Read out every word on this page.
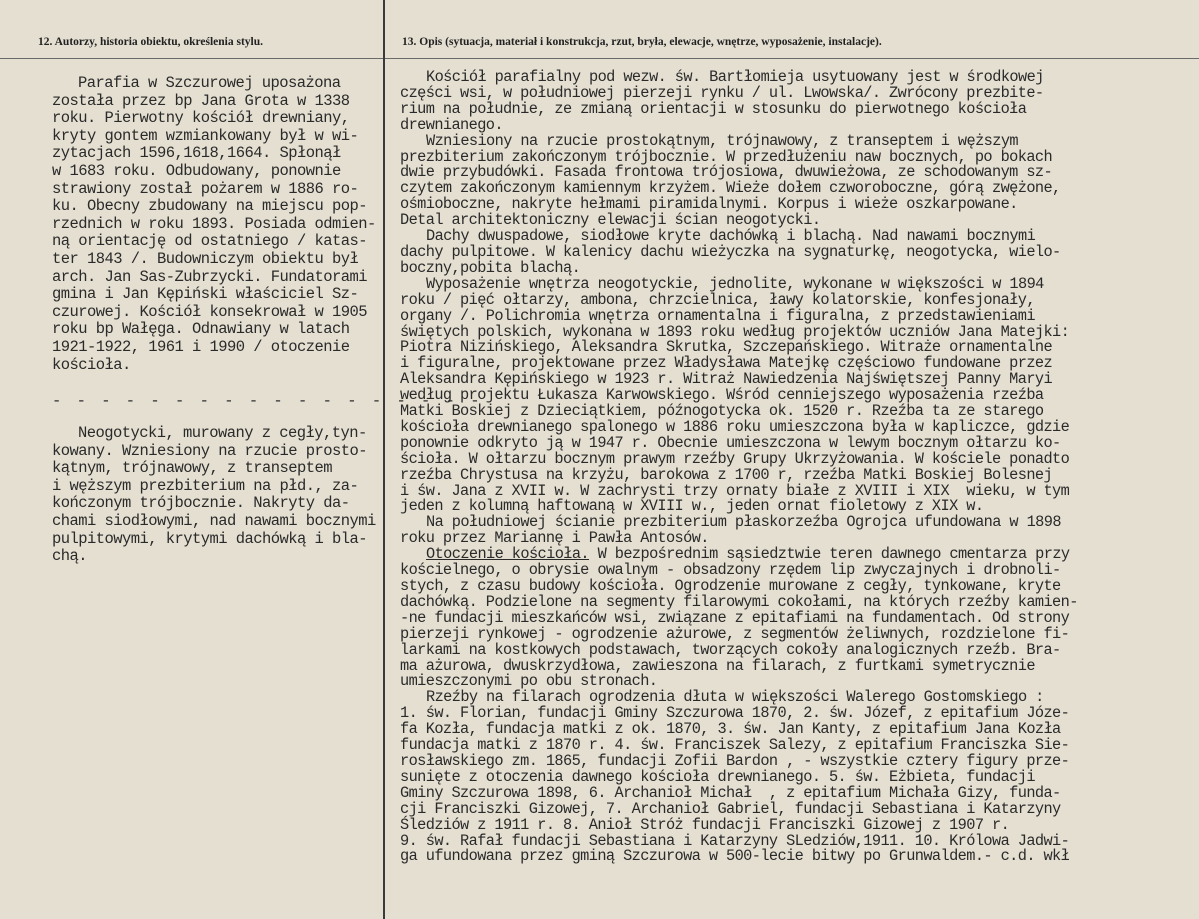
12. Autorzy, historia obiektu, określenia stylu.	13. Opis (sytuacja, materiał i konstrukcja, rzut, bryła, elewacje, wnętrze, wyposażenie, instalacje).
Parafia w Szczurowej uposażona
została przez bp Jana Grota w 1338
roku. Pierwotny kościół drewniany,
kryty gontem wzmiankowany był w wi-
zytacjach 1596,1618,1664. Spłonął
w 1683 roku. Odbudowany, ponownie
strawiony został pożarem w 1886 ro-
ku. Obecny zbudowany na miejscu pop-
rzednich w roku 1893. Posiada odmien-
ną orientację od ostatniego / katas-
ter 1843 /. Budowniczym obiektu był
arch. Jan Sas-Zubrzycki. Fundatorami
gmina i Jan Kępiński właściciel Sz-
czurowej. Kościół konsekrował w 1905
roku bp Wałęga. Odnawiany w latach
1921-1922, 1961 i 1990 / otoczenie
kościoła.
- - - - - - - - - - - - - - - - - -
Neogotycki, murowany z cegły,tyn-
kowany. Wzniesiony na rzucie prosto-
kątnym, trójnawowy, z transeptem
i węższym prezbiterium na płd., za-
kończonym trójbocznie. Nakryty da-
chami siodłowymi, nad nawami bocznymi
pulpitowymi, krytymi dachówką i bla-
chą.
Kościół parafialny pod wezw. św. Bartłomieja usytuowany jest w środkowej
części wsi, w południowej pierzeji rynku / ul. Lwowska/. Zwrócony prezbite-
rium na południe, ze zmianą orientacji w stosunku do pierwotnego kościoła
drewnianego.
Wzniesiony na rzucie prostokątnym, trójnawowy, z transeptem i węższym
prezbiterium zakończonym trójbocznie. W przedłużeniu naw bocznych, po bokach
dwie przybudówki. Fasada frontowa trójosiowa, dwuwieżowa, ze schodowanym sz-
czytem zakończonym kamiennym krzyżem. Wieże dołem czworoboczne, górą zwężone,
ośmioboczne, nakryte hełmami piramidalnymi. Korpus i wieże oszkarpowane.
Detal architektoniczny elewacji ścian neogotycki.
Dachy dwuspadowe, siodłowe kryte dachówką i blachą. Nad nawami bocznymi
dachy pulpitowe. W kalenicy dachu wieżyczka na sygnaturkę, neogotycka, wielo-
boczny,pobita blachą.
Wyposażenie wnętrza neogotyckie, jednolite, wykonane w większości w 1894
roku / pięć ołtarzy, ambona, chrzcielnica, ławy kolatorskie, konfesjonały,
organy /. Polichromia wnętrza ornamentalna i figuralna, z przedstawieniami
świętych polskich, wykonana w 1893 roku według projektów uczniów Jana Matejki:
Piotra Nizińskiego, Aleksandra Skrutka, Szczepańskiego. Witraże ornamentalne
i figuralne, projektowane przez Władysława Matejkę częściowo fundowane przez
Aleksandra Kępińskiego w 1923 r. Witraż Nawiedzenia Najświętszej Panny Maryi
według projektu Łukasza Karwowskiego. Wśród cenniejszego wyposażenia rzeźba
Matki Boskiej z Dzieciątkiem, późnogotycka ok. 1520 r. Rzeźba ta ze starego
kościoła drewnianego spalonego w 1886 roku umieszczona była w kapliczce, gdzie
ponownie odkryto ją w 1947 r. Obecnie umieszczona w lewym bocznym ołtarzu ko-
ścioła. W ołtarzu bocznym prawym rzeźby Grupy Ukrzyżowania. W kościele ponadto
rzeźba Chrystusa na krzyżu, barokowa z 1700 r, rzeźba Matki Boskiej Bolesnej
i św. Jana z XVII w. W zachrysti trzy ornaty białe z XVIII i XIX  wieku, w tym
jeden z kolumną haftowaną w XVIII w., jeden ornat fioletowy z XIX w.
Na południowej ścianie prezbiterium płaskorzeźba Ogrojca ufundowana w 1898
roku przez Mariannę i Pawła Antosów.
Otoczenie kościoła. W bezpośrednim sąsiedztwie teren dawnego cmentarza przy
kościelnego, o obrysie owalnym - obsadzony rzędem lip zwyczajnych i drobnoli-
stych, z czasu budowy kościoła. Ogrodzenie murowane z cegły, tynkowane, kryte
dachówką. Podzielone na segmenty filarowymi cokołami, na których rzeźby kamien-
-ne fundacji mieszkańców wsi, związane z epitafiami na fundamentach. Od strony
pierzeji rynkowej - ogrodzenie ażurowe, z segmentów żeliwnych, rozdzielone fi-
larkami na kostkowych podstawach, tworzących cokoły analogicznych rzeźb. Bra-
ma ażurowa, dwuskrzydłowa, zawieszona na filarach, z furtkami symetrycznie
umieszczonymi po obu stronach.
Rzeźby na filarach ogrodzenia dłuta w większości Walerego Gostomskiego :
1. św. Florian, fundacji Gminy Szczurowa 1870, 2. św. Józef, z epitafium Józe-
fa Kozła, fundacja matki z ok. 1870, 3. św. Jan Kanty, z epitafium Jana Kozła
fundacja matki z 1870 r. 4. św. Franciszek Salezy, z epitafium Franciszka Sie-
rosławskiego zm. 1865, fundacji Zofii Bardon , - wszystkie cztery figury prze-
sunięte z otoczenia dawnego kościoła drewnianego. 5. św. Eżbieta, fundacji
Gminy Szczurowa 1898, 6. Archanioł Michał  , z epitafium Michała Gizy, funda-
cji Franciszki Gizowej, 7. Archanioł Gabriel, fundacji Sebastiana i Katarzyny
Śledziów z 1911 r. 8. Anioł Stróż fundacji Franciszki Gizowej z 1907 r.
9. św. Rafał fundacji Sebastiana i Katarzyny SLedziów,1911. 10. Królowa Jadwi-
ga ufundowana przez gminą Szczurowa w 500-lecie bitwy po Grunwaldem.- c.d. wkł
